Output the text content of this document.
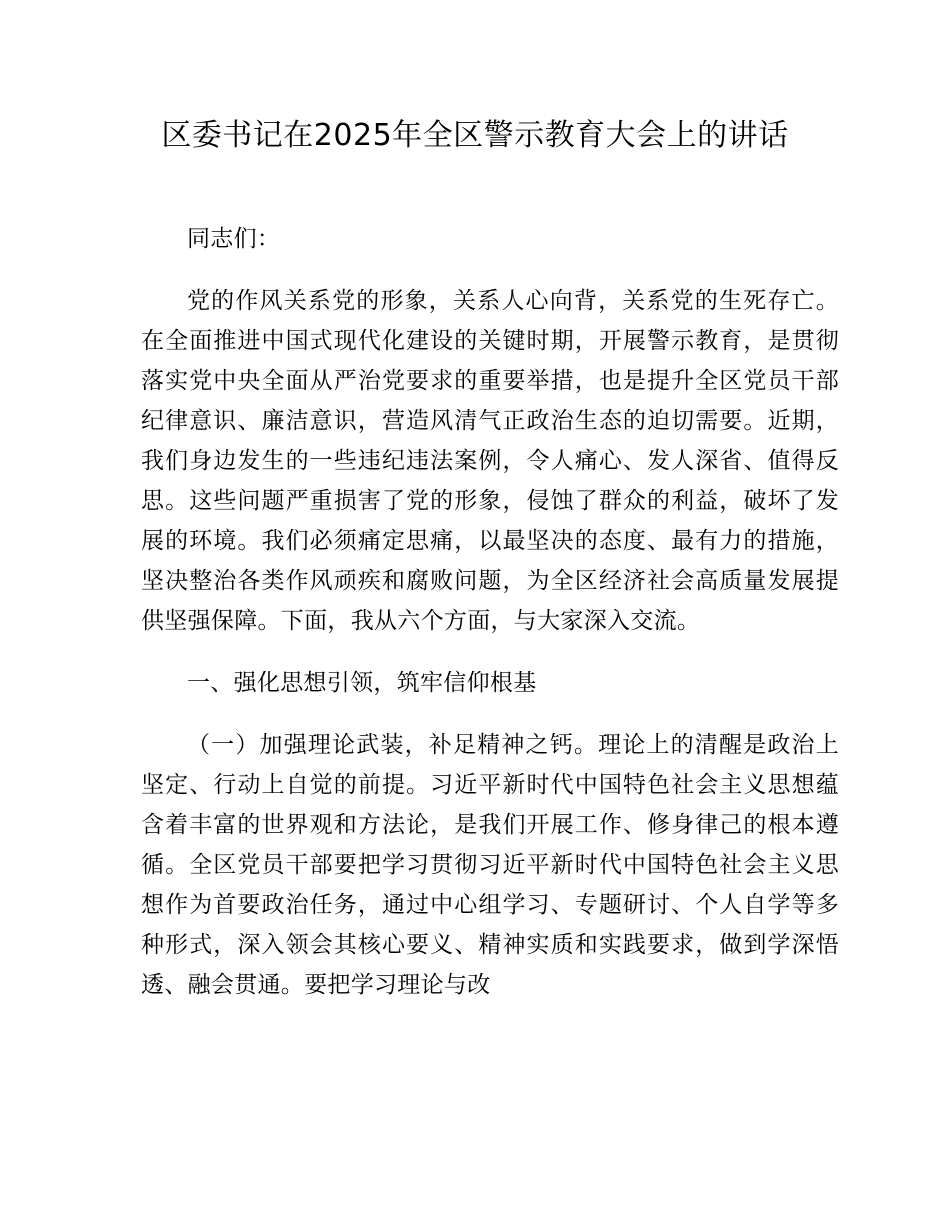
区委书记在2025年全区警示教育大会上的讲话

同志们：

党的作风关系党的形象，关系人心向背，关系党的生死存亡。在全面推进中国式现代化建设的关键时期，开展警示教育，是贯彻落实党中央全面从严治党要求的重要举措，也是提升全区党员干部纪律意识、廉洁意识，营造风清气正政治生态的迫切需要。近期，我们身边发生的一些违纪违法案例，令人痛心、发人深省、值得反思。这些问题严重损害了党的形象，侵蚀了群众的利益，破坏了发展的环境。我们必须痛定思痛，以最坚决的态度、最有力的措施，坚决整治各类作风顽疾和腐败问题，为全区经济社会高质量发展提供坚强保障。下面，我从六个方面，与大家深入交流。

一、强化思想引领，筑牢信仰根基

（一）加强理论武装，补足精神之钙。理论上的清醒是政治上坚定、行动上自觉的前提。习近平新时代中国特色社会主义思想蕴含着丰富的世界观和方法论，是我们开展工作、修身律己的根本遵循。全区党员干部要把学习贯彻习近平新时代中国特色社会主义思想作为首要政治任务，通过中心组学习、专题研讨、个人自学等多种形式，深入领会其核心要义、精神实质和实践要求，做到学深悟透、融会贯通。要把学习理论与改
